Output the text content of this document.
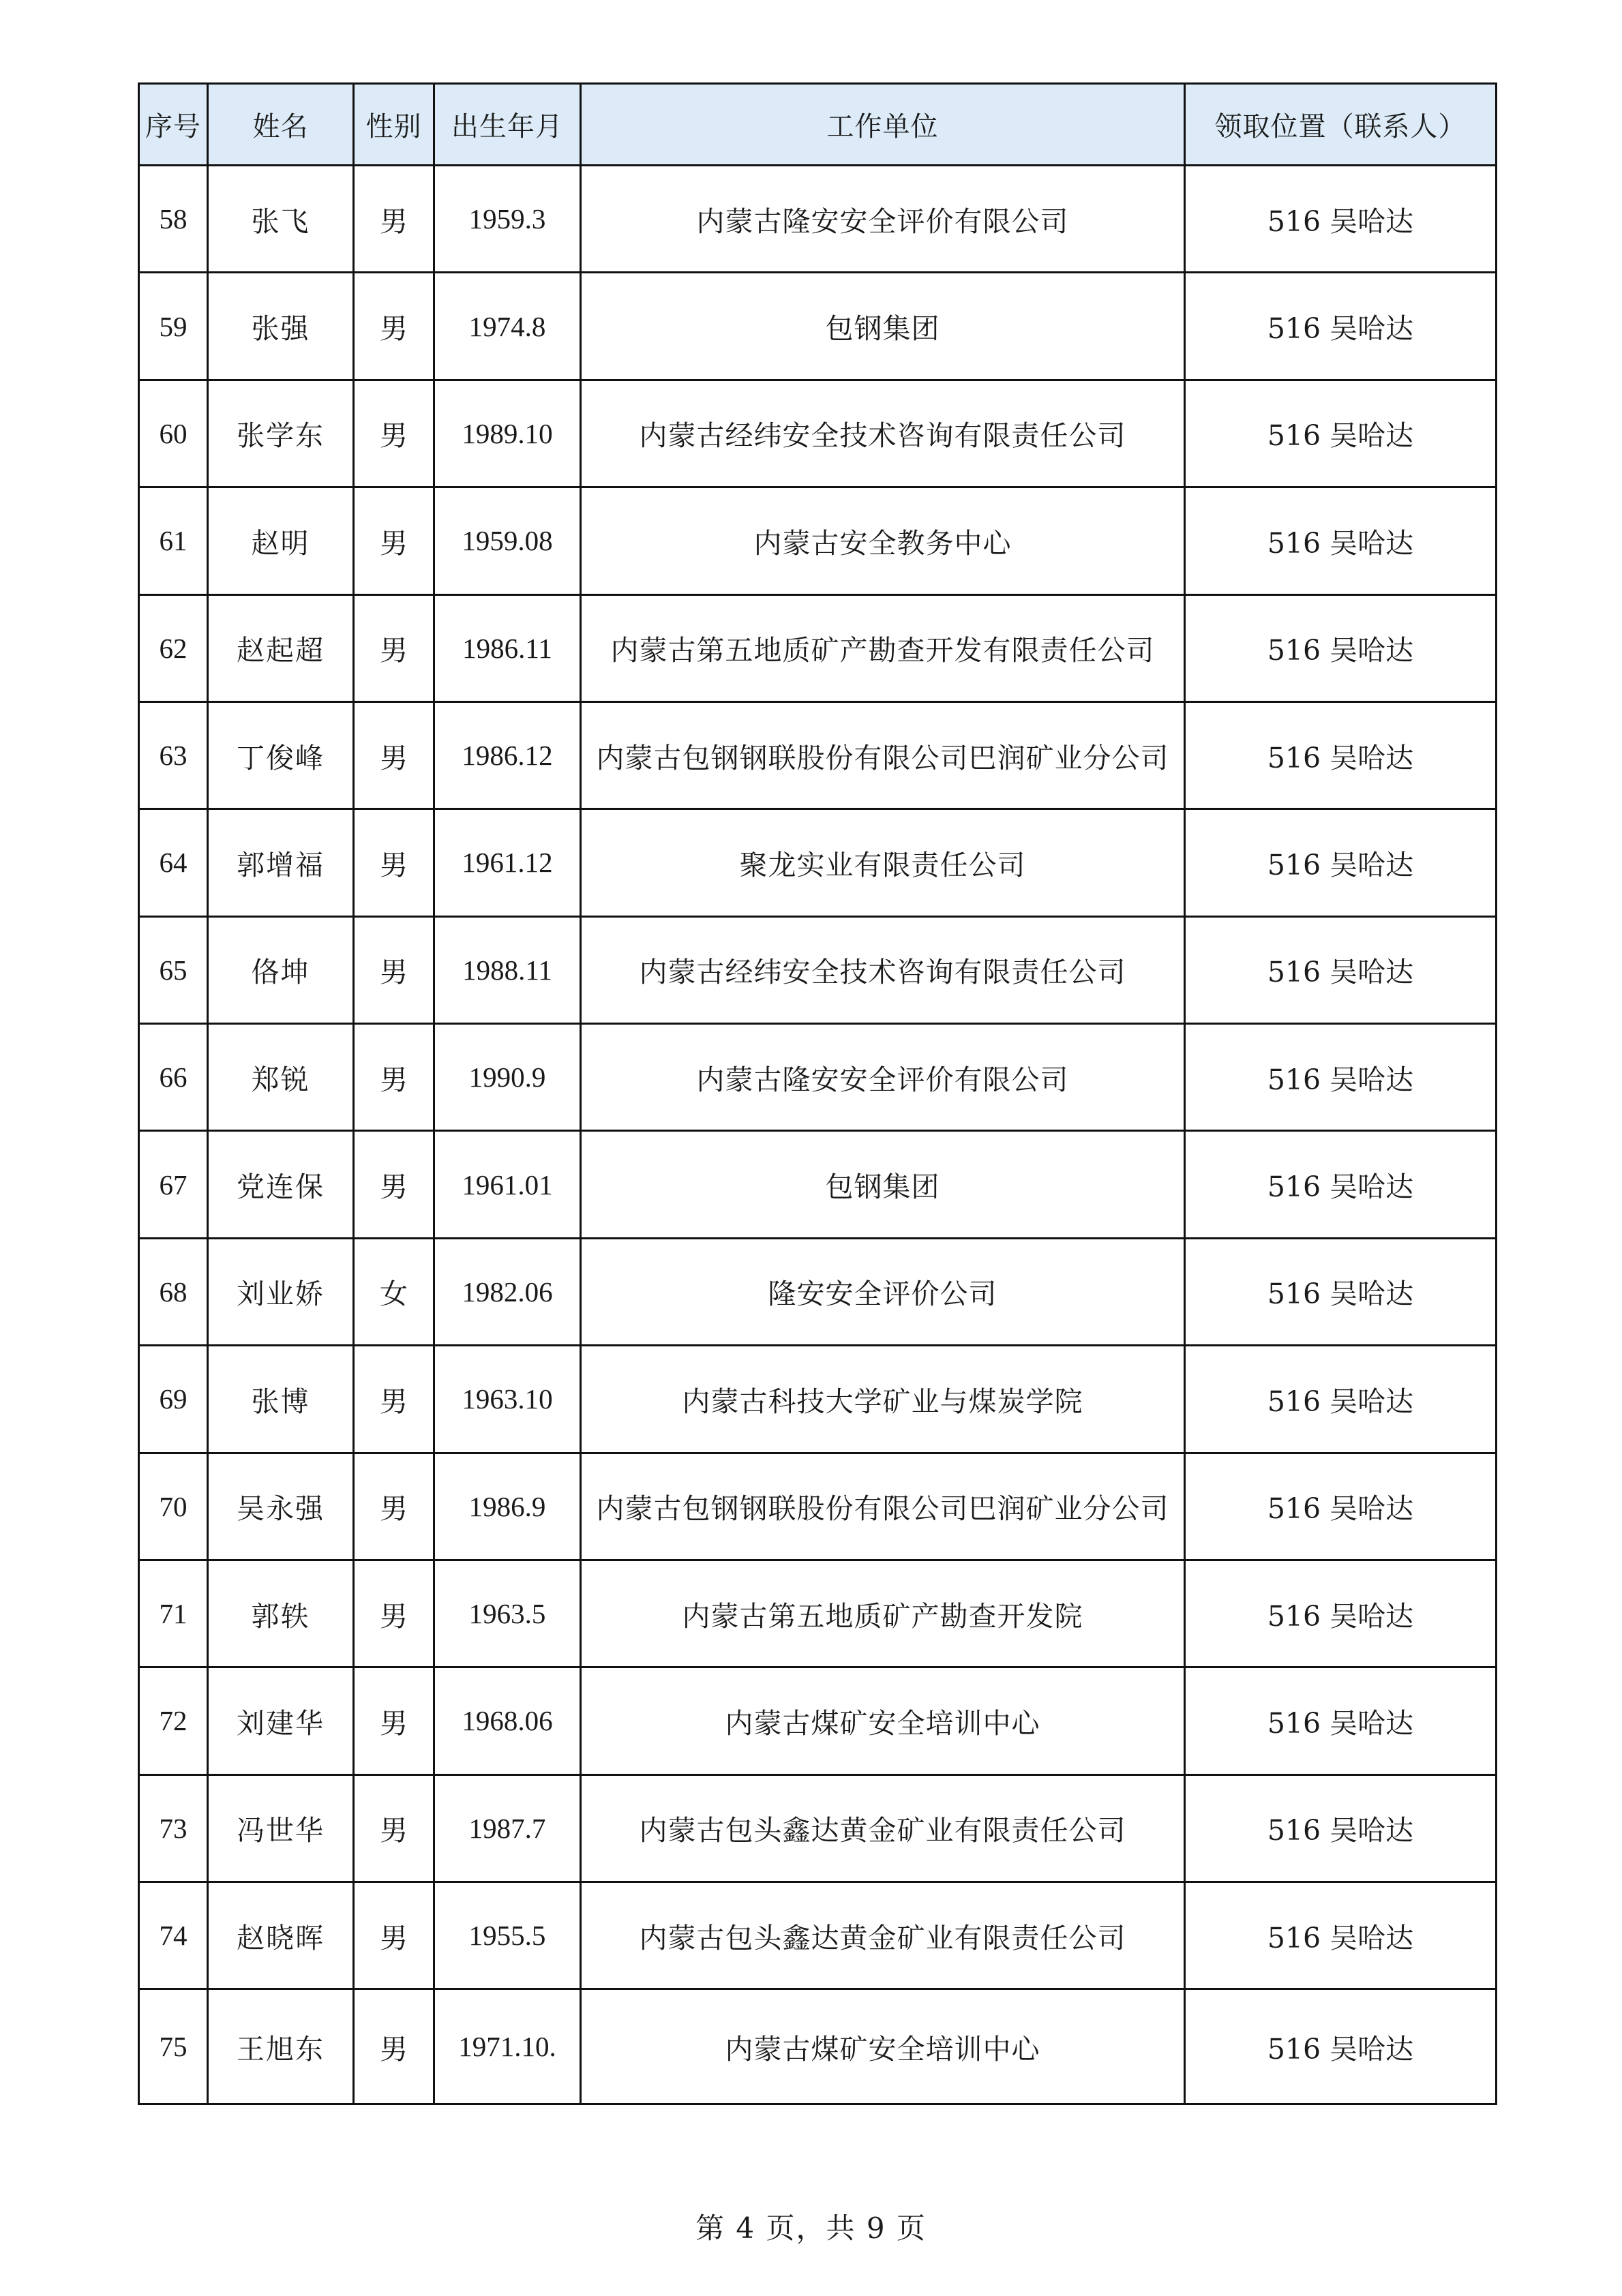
序号	姓名	性别	出生年月	工作单位	领取位置（联系人）
58	张飞	男	1959.3	内蒙古隆安安全评价有限公司	516 吴哈达
59	张强	男	1974.8	包钢集团	516 吴哈达
60	张学东	男	1989.10	内蒙古经纬安全技术咨询有限责任公司	516 吴哈达
61	赵明	男	1959.08	内蒙古安全教务中心	516 吴哈达
62	赵起超	男	1986.11	内蒙古第五地质矿产勘查开发有限责任公司	516 吴哈达
63	丁俊峰	男	1986.12	内蒙古包钢钢联股份有限公司巴润矿业分公司	516 吴哈达
64	郭增福	男	1961.12	聚龙实业有限责任公司	516 吴哈达
65	佫坤	男	1988.11	内蒙古经纬安全技术咨询有限责任公司	516 吴哈达
66	郑锐	男	1990.9	内蒙古隆安安全评价有限公司	516 吴哈达
67	党连保	男	1961.01	包钢集团	516 吴哈达
68	刘业娇	女	1982.06	隆安安全评价公司	516 吴哈达
69	张博	男	1963.10	内蒙古科技大学矿业与煤炭学院	516 吴哈达
70	吴永强	男	1986.9	内蒙古包钢钢联股份有限公司巴润矿业分公司	516 吴哈达
71	郭轶	男	1963.5	内蒙古第五地质矿产勘查开发院	516 吴哈达
72	刘建华	男	1968.06	内蒙古煤矿安全培训中心	516 吴哈达
73	冯世华	男	1987.7	内蒙古包头鑫达黄金矿业有限责任公司	516 吴哈达
74	赵晓晖	男	1955.5	内蒙古包头鑫达黄金矿业有限责任公司	516 吴哈达
75	王旭东	男	1971.10.	内蒙古煤矿安全培训中心	516 吴哈达
第 4 页，共 9 页
